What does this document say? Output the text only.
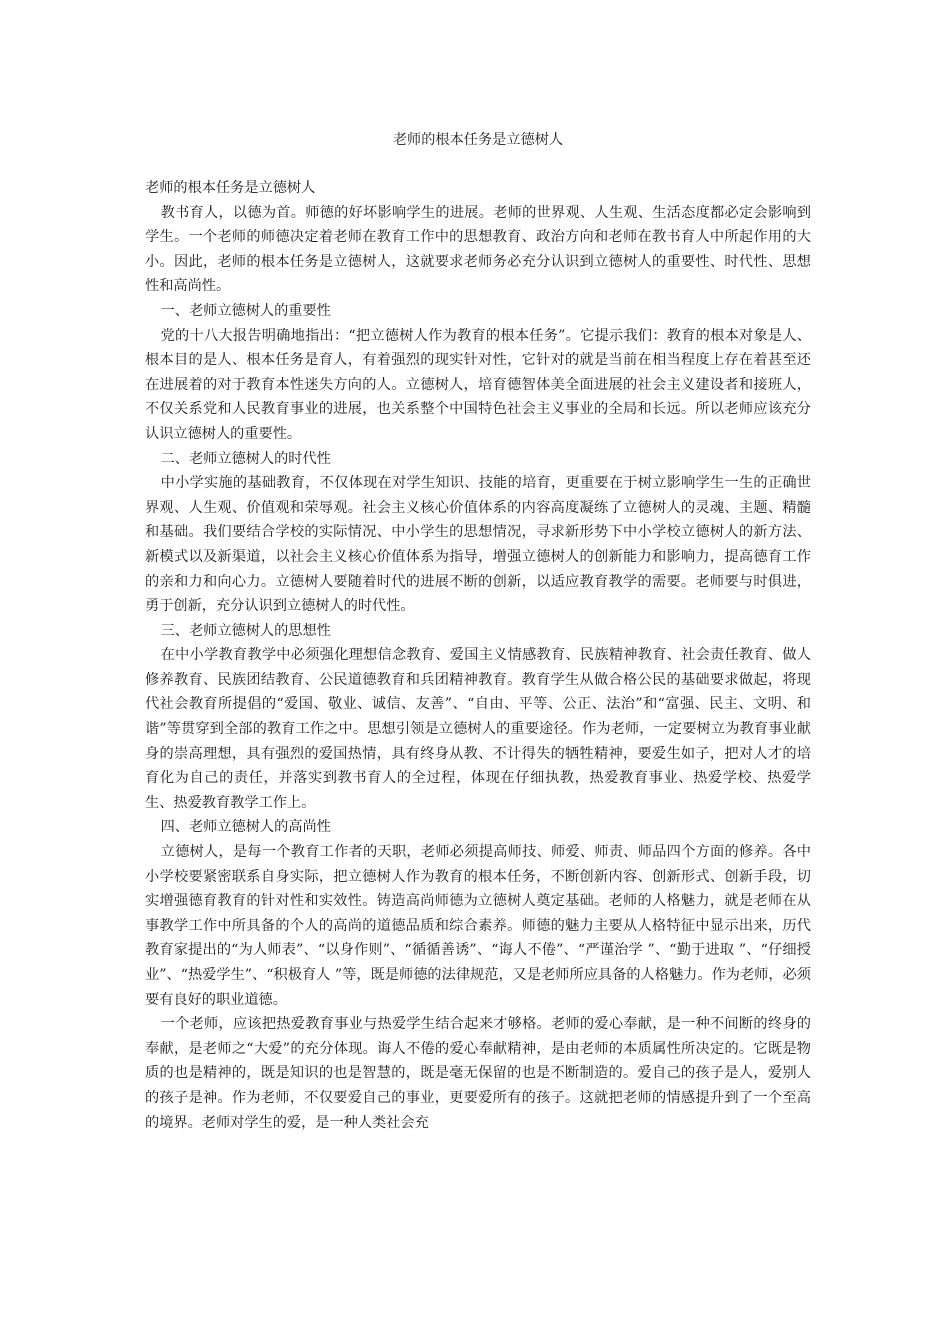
老师的根本任务是立德树人

老师的根本任务是立德树人

教书育人，以德为首。师德的好坏影响学生的进展。老师的世界观、人生观、生活态度都必定会影响到学生。一个老师的师德决定着老师在教育工作中的思想教育、政治方向和老师在教书育人中所起作用的大小。因此，老师的根本任务是立德树人，这就要求老师务必充分认识到立德树人的重要性、时代性、思想性和高尚性。

一、老师立德树人的重要性

党的十八大报告明确地指出：“把立德树人作为教育的根本任务”。它提示我们：教育的根本对象是人、根本目的是人、根本任务是育人，有着强烈的现实针对性，它针对的就是当前在相当程度上存在着甚至还在进展着的对于教育本性迷失方向的人。立德树人，培育德智体美全面进展的社会主义建设者和接班人，不仅关系党和人民教育事业的进展，也关系整个中国特色社会主义事业的全局和长远。所以老师应该充分认识立德树人的重要性。

二、老师立德树人的时代性

中小学实施的基础教育，不仅体现在对学生知识、技能的培育，更重要在于树立影响学生一生的正确世界观、人生观、价值观和荣辱观。社会主义核心价值体系的内容高度凝练了立德树人的灵魂、主题、精髓和基础。我们要结合学校的实际情况、中小学生的思想情况，寻求新形势下中小学校立德树人的新方法、新模式以及新渠道，以社会主义核心价值体系为指导，增强立德树人的创新能力和影响力，提高德育工作的亲和力和向心力。立德树人要随着时代的进展不断的创新，以适应教育教学的需要。老师要与时俱进，勇于创新，充分认识到立德树人的时代性。

三、老师立德树人的思想性

在中小学教育教学中必须强化理想信念教育、爱国主义情感教育、民族精神教育、社会责任教育、做人修养教育、民族团结教育、公民道德教育和兵团精神教育。教育学生从做合格公民的基础要求做起，将现代社会教育所提倡的“爱国、敬业、诚信、友善”、“自由、平等、公正、法治”和“富强、民主、文明、和谐”等贯穿到全部的教育工作之中。思想引领是立德树人的重要途径。作为老师，一定要树立为教育事业献身的崇高理想，具有强烈的爱国热情，具有终身从教、不计得失的牺牲精神，要爱生如子，把对人才的培育化为自己的责任，并落实到教书育人的全过程，体现在仔细执教，热爱教育事业、热爱学校、热爱学生、热爱教育教学工作上。

四、老师立德树人的高尚性

立德树人，是每一个教育工作者的天职，老师必须提高师技、师爱、师责、师品四个方面的修养。各中小学校要紧密联系自身实际，把立德树人作为教育的根本任务，不断创新内容、创新形式、创新手段，切实增强德育教育的针对性和实效性。铸造高尚师德为立德树人奠定基础。老师的人格魅力，就是老师在从事教学工作中所具备的个人的高尚的道德品质和综合素养。师德的魅力主要从人格特征中显示出来，历代教育家提出的“为人师表”、“以身作则”、“循循善诱”、“诲人不倦”、“严谨治学 ”、“勤于进取 ”、“仔细授业”、“热爱学生”、“积极育人 ”等，既是师德的法律规范，又是老师所应具备的人格魅力。作为老师，必须要有良好的职业道德。

一个老师，应该把热爱教育事业与热爱学生结合起来才够格。老师的爱心奉献，是一种不间断的终身的奉献，是老师之“大爱”的充分体现。诲人不倦的爱心奉献精神，是由老师的本质属性所决定的。它既是物质的也是精神的，既是知识的也是智慧的，既是毫无保留的也是不断制造的。爱自己的孩子是人，爱别人的孩子是神。作为老师，不仅要爱自己的事业，更要爱所有的孩子。这就把老师的情感提升到了一个至高的境界。老师对学生的爱，是一种人类社会充
